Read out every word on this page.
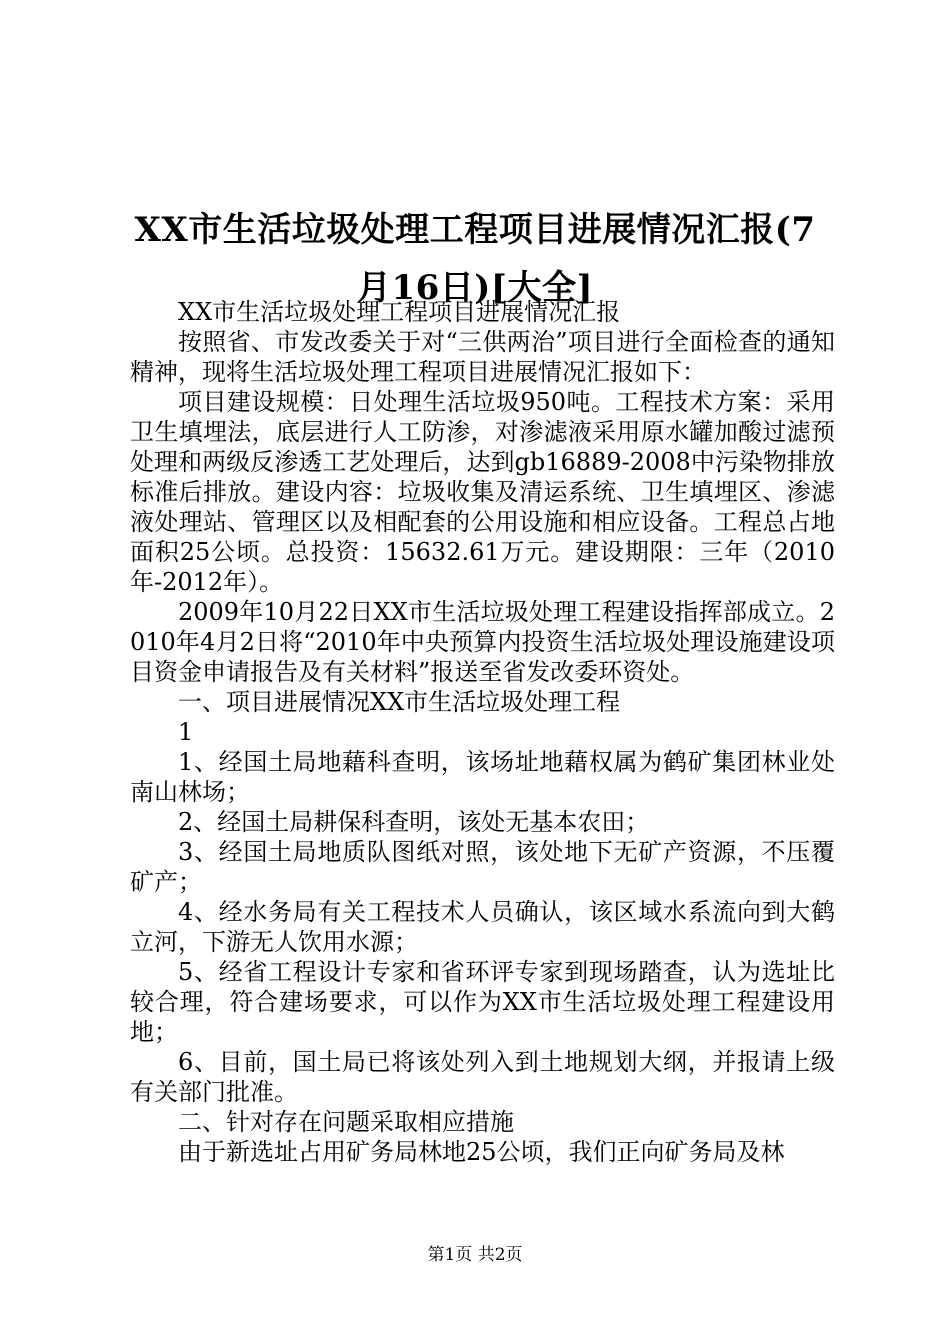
XX市生活垃圾处理工程项目进展情况汇报(7月16日)[大全]

XX市生活垃圾处理工程项目进展情况汇报

按照省、市发改委关于对“三供两治”项目进行全面检查的通知精神，现将生活垃圾处理工程项目进展情况汇报如下：

项目建设规模：日处理生活垃圾950吨。工程技术方案：采用卫生填埋法，底层进行人工防渗，对渗滤液采用原水罐加酸过滤预处理和两级反渗透工艺处理后，达到gb16889-2008中污染物排放标准后排放。建设内容：垃圾收集及清运系统、卫生填埋区、渗滤液处理站、管理区以及相配套的公用设施和相应设备。工程总占地面积25公顷。总投资：15632.61万元。建设期限：三年（2010年-2012年）。

2009年10月22日XX市生活垃圾处理工程建设指挥部成立。2010年4月2日将“2010年中央预算内投资生活垃圾处理设施建设项目资金申请报告及有关材料”报送至省发改委环资处。

一、项目进展情况XX市生活垃圾处理工程

1

1、经国土局地藉科查明，该场址地藉权属为鹤矿集团林业处南山林场；

2、经国土局耕保科查明，该处无基本农田；

3、经国土局地质队图纸对照，该处地下无矿产资源，不压覆矿产；

4、经水务局有关工程技术人员确认，该区域水系流向到大鹤立河，下游无人饮用水源；

5、经省工程设计专家和省环评专家到现场踏查，认为选址比较合理，符合建场要求，可以作为XX市生活垃圾处理工程建设用地；

6、目前，国土局已将该处列入到土地规划大纲，并报请上级有关部门批准。

二、针对存在问题采取相应措施

由于新选址占用矿务局林地25公顷，我们正向矿务局及林

第1页 共2页
